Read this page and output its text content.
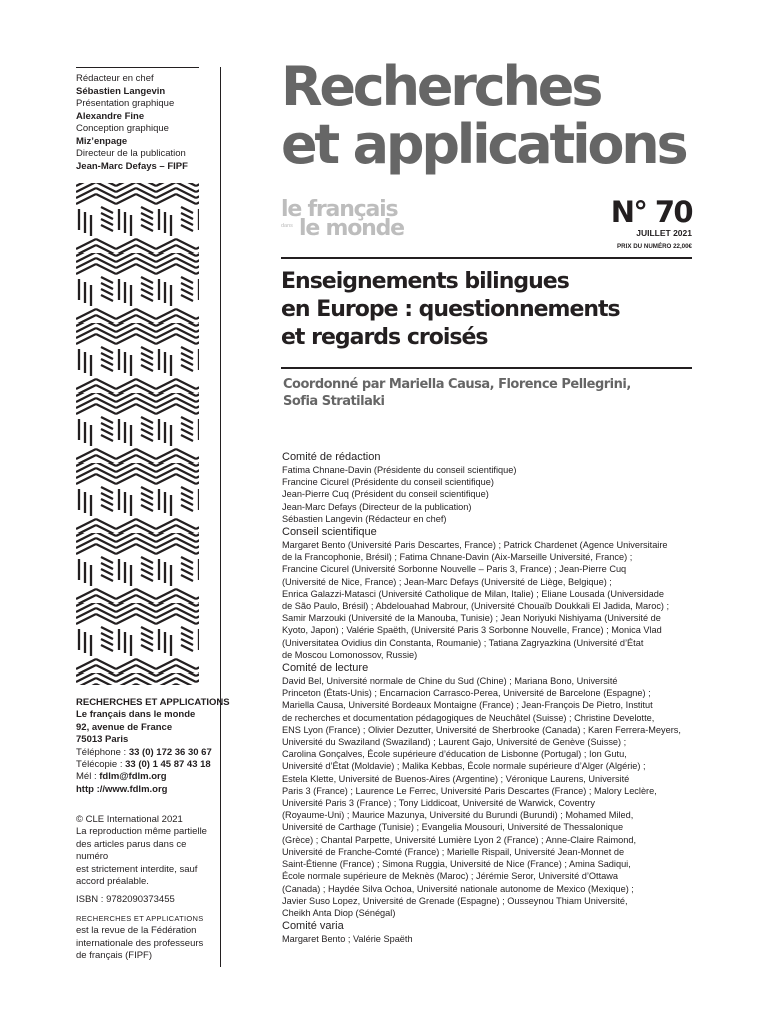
Rédacteur en chef
Sébastien Langevin
Présentation graphique
Alexandre Fine
Conception graphique
Miz’enpage
Directeur de la publication
Jean-Marc Defays – FIPF
RECHERCHES ET APPLICATIONS
Le français dans le monde
92, avenue de France
75013 Paris
Téléphone : 33 (0) 172 36 30 67
Télécopie : 33 (0) 1 45 87 43 18
Mél : fdlm@fdlm.org
http ://www.fdlm.org
© CLE International 2021
La reproduction même partielle
des articles parus dans ce numéro
est strictement interdite, sauf
accord préalable.
ISBN : 9782090373455
RECHERCHES ET APPLICATIONS
est la revue de la Fédération
internationale des professeurs
de français (FIPF)
Recherches
et applications
le français
dans le monde	N° 70
JUILLET 2021
PRIX DU NUMÉRO 22,00€
Enseignements bilingues
en Europe : questionnements
et regards croisés
Coordonné par Mariella Causa, Florence Pellegrini,
Sofia Stratilaki
Comité de rédaction
Fatima Chnane-Davin (Présidente du conseil scientifique)
Francine Cicurel (Présidente du conseil scientifique)
Jean-Pierre Cuq (Président du conseil scientifique)
Jean-Marc Defays (Directeur de la publication)
Sébastien Langevin (Rédacteur en chef)
Conseil scientifique
Margaret Bento (Université Paris Descartes, France) ; Patrick Chardenet (Agence Universitaire
de la Francophonie, Brésil) ; Fatima Chnane-Davin (Aix-Marseille Université, France) ;
Francine Cicurel (Université Sorbonne Nouvelle – Paris 3, France) ; Jean-Pierre Cuq
(Université de Nice, France) ; Jean-Marc Defays (Université de Liège, Belgique) ;
Enrica Galazzi-Matasci (Université Catholique de Milan, Italie) ; Eliane Lousada (Universidade
de São Paulo, Brésil) ; Abdelouahad Mabrour, (Université Chouaïb Doukkali El Jadida, Maroc) ;
Samir Marzouki (Université de la Manouba, Tunisie) ; Jean Noriyuki Nishiyama (Université de
Kyoto, Japon) ; Valérie Spaëth, (Université Paris 3 Sorbonne Nouvelle, France) ; Monica Vlad
(Universitatea Ovidius din Constanta, Roumanie) ; Tatiana Zagryazkina (Université d’État
de Moscou Lomonossov, Russie)
Comité de lecture
David Bel, Université normale de Chine du Sud (Chine) ; Mariana Bono, Université
Princeton (États-Unis) ; Encarnacion Carrasco-Perea, Université de Barcelone (Espagne) ;
Mariella Causa, Université Bordeaux Montaigne (France) ; Jean-François De Pietro, Institut
de recherches et documentation pédagogiques de Neuchâtel (Suisse) ; Christine Develotte,
ENS Lyon (France) ; Olivier Dezutter, Université de Sherbrooke (Canada) ; Karen Ferrera-Meyers,
Université du Swaziland (Swaziland) ; Laurent Gajo, Université de Genève (Suisse) ;
Carolina Gonçalves, École supérieure d’éducation de Lisbonne (Portugal) ; Ion Gutu,
Université d’État (Moldavie) ; Malika Kebbas, École normale supérieure d’Alger (Algérie) ;
Estela Klette, Université de Buenos-Aires (Argentine) ; Véronique Laurens, Université
Paris 3 (France) ; Laurence Le Ferrec, Université Paris Descartes (France) ; Malory Leclère,
Université Paris 3 (France) ; Tony Liddicoat, Université de Warwick, Coventry
(Royaume-Uni) ; Maurice Mazunya, Université du Burundi (Burundi) ; Mohamed Miled,
Université de Carthage (Tunisie) ; Evangelia Mousouri, Université de Thessalonique
(Grèce) ; Chantal Parpette, Université Lumière Lyon 2 (France) ; Anne-Claire Raimond,
Université de Franche-Comté (France) ; Marielle Rispail, Université Jean-Monnet de
Saint-Étienne (France) ; Simona Ruggia, Université de Nice (France) ; Amina Sadiqui,
École normale supérieure de Meknès (Maroc) ; Jérémie Seror, Université d’Ottawa
(Canada) ; Haydée Silva Ochoa, Université nationale autonome de Mexico (Mexique) ;
Javier Suso Lopez, Université de Grenade (Espagne) ; Ousseynou Thiam Université,
Cheikh Anta Diop (Sénégal)
Comité varia
Margaret Bento ; Valérie Spaëth
